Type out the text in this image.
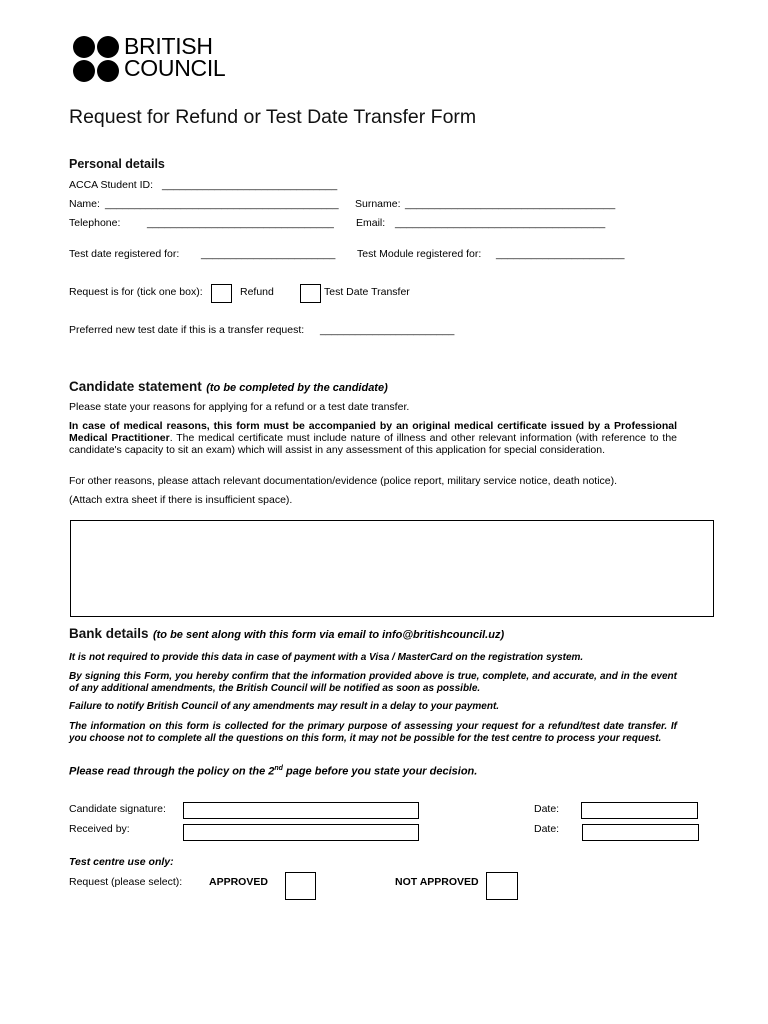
BRITISH
COUNCIL
Request for Refund or Test Date Transfer Form
Personal details
ACCA Student ID: ______________________________
Name: ________________________________________ Surname: ____________________________________
Telephone:	________________________________ Email: ____________________________________
Test date registered for: _______________________ Test Module registered for: ______________________
Request is for (tick one box):	Refund	Test Date Transfer
Preferred new test date if this is a transfer request: _______________________
Candidate statement (to be completed by the candidate)
Please state your reasons for applying for a refund or a test date transfer.
In case of medical reasons, this form must be accompanied by an original medical certificate issued by a Professional Medical Practitioner. The medical certificate must include nature of illness and other relevant information (with reference to the candidate's capacity to sit an exam) which will assist in any assessment of this application for special consideration.
For other reasons, please attach relevant documentation/evidence (police report, military service notice, death notice).
(Attach extra sheet if there is insufficient space).
Bank details (to be sent along with this form via email to info@britishcouncil.uz)
It is not required to provide this data in case of payment with a Visa / MasterCard on the registration system.
By signing this Form, you hereby confirm that the information provided above is true, complete, and accurate, and in the event of any additional amendments, the British Council will be notified as soon as possible.
Failure to notify British Council of any amendments may result in a delay to your payment.
The information on this form is collected for the primary purpose of assessing your request for a refund/test date transfer. If you choose not to complete all the questions on this form, it may not be possible for the test centre to process your request.
Please read through the policy on the 2nd page before you state your decision.
Candidate signature:	Date:
Received by:	Date:
Test centre use only:
Request (please select):	APPROVED	NOT APPROVED
